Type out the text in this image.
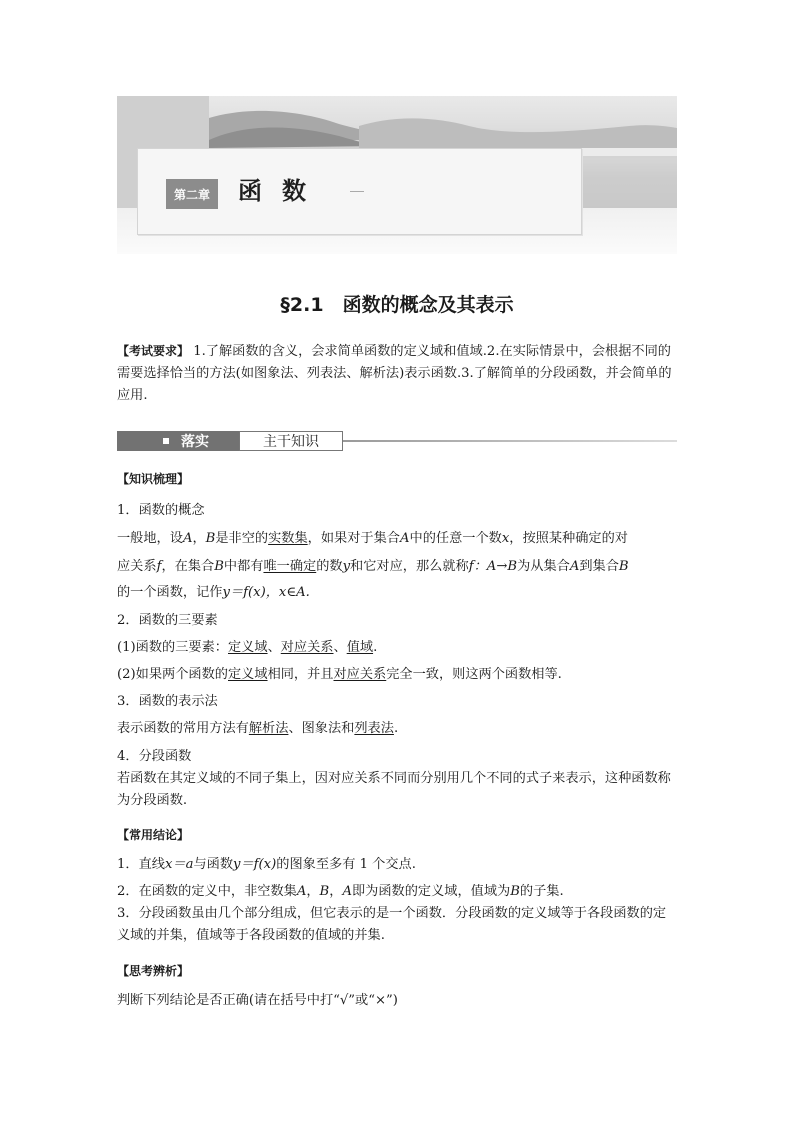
第二章	函数
§2.1　函数的概念及其表示
【考试要求】 1.了解函数的含义，会求简单函数的定义域和值域.2.在实际情景中，会根据不同的需要选择恰当的方法(如图象法、列表法、解析法)表示函数.3.了解简单的分段函数，并会简单的应用.
落实	主干知识
【知识梳理】
1．函数的概念
一般地，设A，B是非空的实数集，如果对于集合A中的任意一个数x，按照某种确定的对
应关系f，在集合B中都有唯一确定的数y和它对应，那么就称f：A→B为从集合A到集合B
的一个函数，记作y＝f(x)，x∈A.
2．函数的三要素
(1)函数的三要素：定义域、对应关系、值域.
(2)如果两个函数的定义域相同，并且对应关系完全一致，则这两个函数相等.
3．函数的表示法
表示函数的常用方法有解析法、图象法和列表法.
4．分段函数
若函数在其定义域的不同子集上，因对应关系不同而分别用几个不同的式子来表示，这种函数称为分段函数.
【常用结论】
1．直线x＝a与函数y＝f(x)的图象至多有 1 个交点.
2．在函数的定义中，非空数集A，B，A即为函数的定义域，值域为B的子集.
3．分段函数虽由几个部分组成，但它表示的是一个函数．分段函数的定义域等于各段函数的定义域的并集，值域等于各段函数的值域的并集.
【思考辨析】
判断下列结论是否正确(请在括号中打“√”或“×”)
